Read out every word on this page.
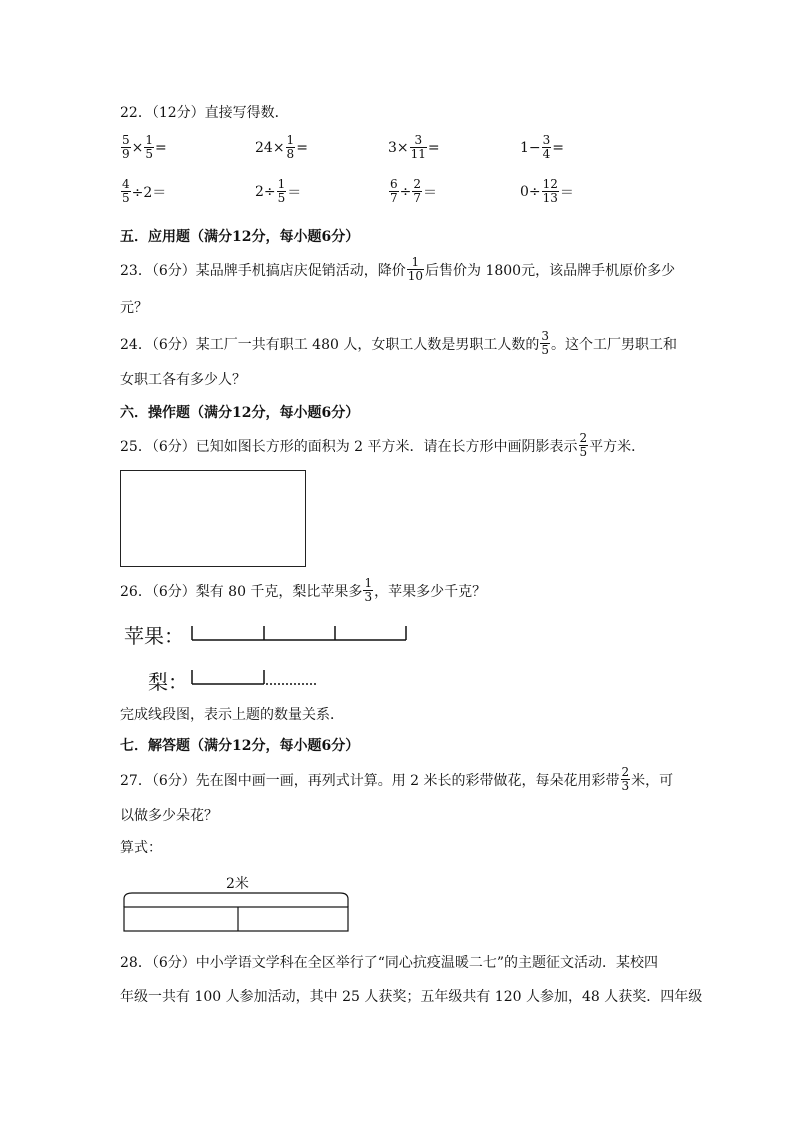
22．（12分）直接写得数．
$\frac{5}{9} \times \frac{1}{5}$ =	$24\times \frac{1}{8}$ =	$3\times \frac{3}{11}$ =	$1- \frac{3}{4}$ =
$\frac{4}{5} \div 2=$	$2\div \frac{1}{5}$ ＝	$\frac{6}{7} \div \frac{2}{7}$ ＝	$0\div \frac{12}{13}$ ＝
五．应用题（满分12分，每小题6分）
23．（6分）某品牌手机搞店庆促销活动，降价 $\frac{1}{10}$ 后售价为 1800元，该品牌手机原价多少
元？
24．（6分）某工厂一共有职工 480 人，女职工人数是男职工人数的 $\frac{3}{5}$ 。这个工厂男职工和
女职工各有多少人？
六．操作题（满分12分，每小题6分）
25．（6分）已知如图长方形的面积为 2 平方米．请在长方形中画阴影表示 $\frac{2}{5}$ 平方米．
26．（6分）梨有 80 千克，梨比苹果多 $\frac{1}{3}$ ，苹果多少千克？
苹果：
梨：
完成线段图，表示上题的数量关系．
七．解答题（满分12分，每小题6分）
27．（6分）先在图中画一画，再列式计算。用 2 米长的彩带做花，每朵花用彩带 $\frac{2}{3}$ 米，可
以做多少朵花？
算式：
2米
28．（6分）中小学语文学科在全区举行了“同心抗疫温暖二七”的主题征文活动．某校四
年级一共有 100 人参加活动，其中 25 人获奖；五年级共有 120 人参加，48 人获奖．四年级
